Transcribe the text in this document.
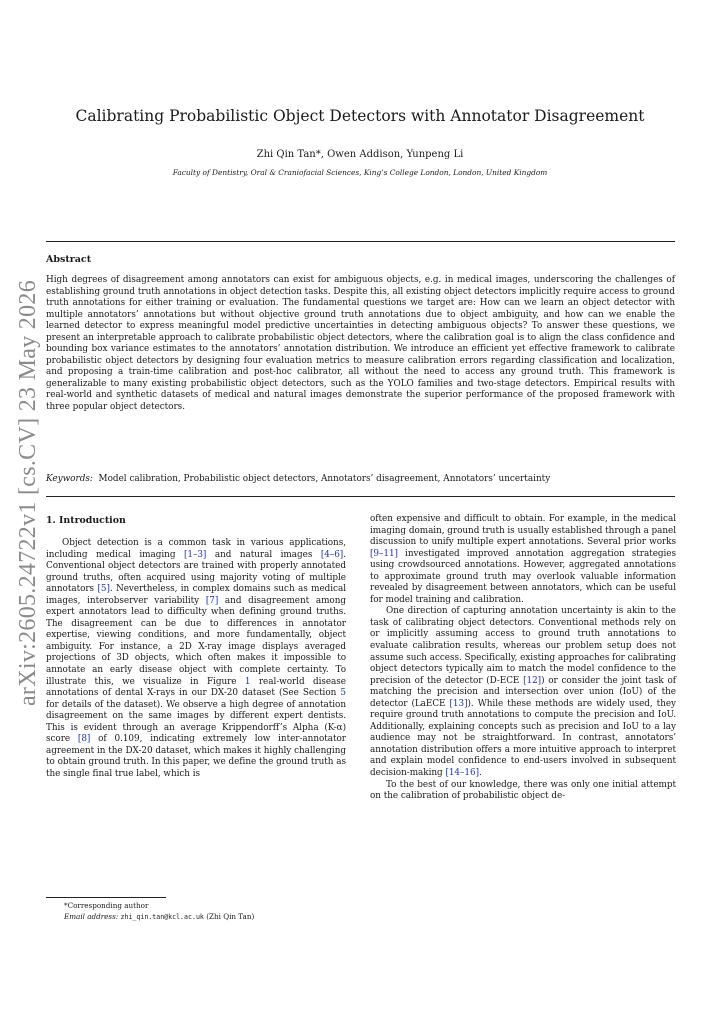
arXiv:2605.24722v1 [cs.CV] 23 May 2026
Calibrating Probabilistic Object Detectors with Annotator Disagreement
Zhi Qin Tan*, Owen Addison, Yunpeng Li
Faculty of Dentistry, Oral & Craniofacial Sciences, King’s College London, London, United Kingdom
Abstract
High degrees of disagreement among annotators can exist for ambiguous objects, e.g. in medical images, underscoring the challenges of establishing ground truth annotations in object detection tasks. Despite this, all existing object detectors implicitly require access to ground truth annotations for either training or evaluation. The fundamental questions we target are: How can we learn an object detector with multiple annotators’ annotations but without objective ground truth annotations due to object ambiguity, and how can we enable the learned detector to express meaningful model predictive uncertainties in detecting ambiguous objects? To answer these questions, we present an interpretable approach to calibrate probabilistic object detectors, where the calibration goal is to align the class confidence and bounding box variance estimates to the annotators’ annotation distribution. We introduce an efficient yet effective framework to calibrate probabilistic object detectors by designing four evaluation metrics to measure calibration errors regarding classification and localization, and proposing a train-time calibration and post-hoc calibrator, all without the need to access any ground truth. This framework is generalizable to many existing probabilistic object detectors, such as the YOLO families and two-stage detectors. Empirical results with real-world and synthetic datasets of medical and natural images demonstrate the superior performance of the proposed framework with three popular object detectors.
Keywords: Model calibration, Probabilistic object detectors, Annotators’ disagreement, Annotators’ uncertainty
1. Introduction

Object detection is a common task in various applications, including medical imaging [1–3] and natural images [4–6]. Conventional object detectors are trained with properly annotated ground truths, often acquired using majority voting of multiple annotators [5]. Nevertheless, in complex domains such as medical images, interobserver variability [7] and disagreement among expert annotators lead to difficulty when defining ground truths. The disagreement can be due to differences in annotator expertise, viewing conditions, and more fundamentally, object ambiguity. For instance, a 2D X-ray image displays averaged projections of 3D objects, which often makes it impossible to annotate an early disease object with complete certainty. To illustrate this, we visualize in Figure 1 real-world disease annotations of dental X-rays in our DX-20 dataset (See Section 5 for details of the dataset). We observe a high degree of annotation disagreement on the same images by different expert dentists. This is evident through an average Krippendorff’s Alpha (K-α) score [8] of 0.109, indicating extremely low inter-annotator agreement in the DX-20 dataset, which makes it highly challenging to obtain ground truth. In this paper, we define the ground truth as the single final true label, which is

often expensive and difficult to obtain. For example, in the medical imaging domain, ground truth is usually established through a panel discussion to unify multiple expert annotations. Several prior works [9–11] investigated improved annotation aggregation strategies using crowdsourced annotations. However, aggregated annotations to approximate ground truth may overlook valuable information revealed by disagreement between annotators, which can be useful for model training and calibration.

One direction of capturing annotation uncertainty is akin to the task of calibrating object detectors. Conventional methods rely on or implicitly assuming access to ground truth annotations to evaluate calibration results, whereas our problem setup does not assume such access. Specifically, existing approaches for calibrating object detectors typically aim to match the model confidence to the precision of the detector (D-ECE [12]) or consider the joint task of matching the precision and intersection over union (IoU) of the detector (LaECE [13]). While these methods are widely used, they require ground truth annotations to compute the precision and IoU. Additionally, explaining concepts such as precision and IoU to a lay audience may not be straightforward. In contrast, annotators’ annotation distribution offers a more intuitive approach to interpret and explain model confidence to end-users involved in subsequent decision-making [14–16].

To the best of our knowledge, there was only one initial attempt on the calibration of probabilistic object de-

*Corresponding author
Email address: zhi_qin.tan@kcl.ac.uk (Zhi Qin Tan)
